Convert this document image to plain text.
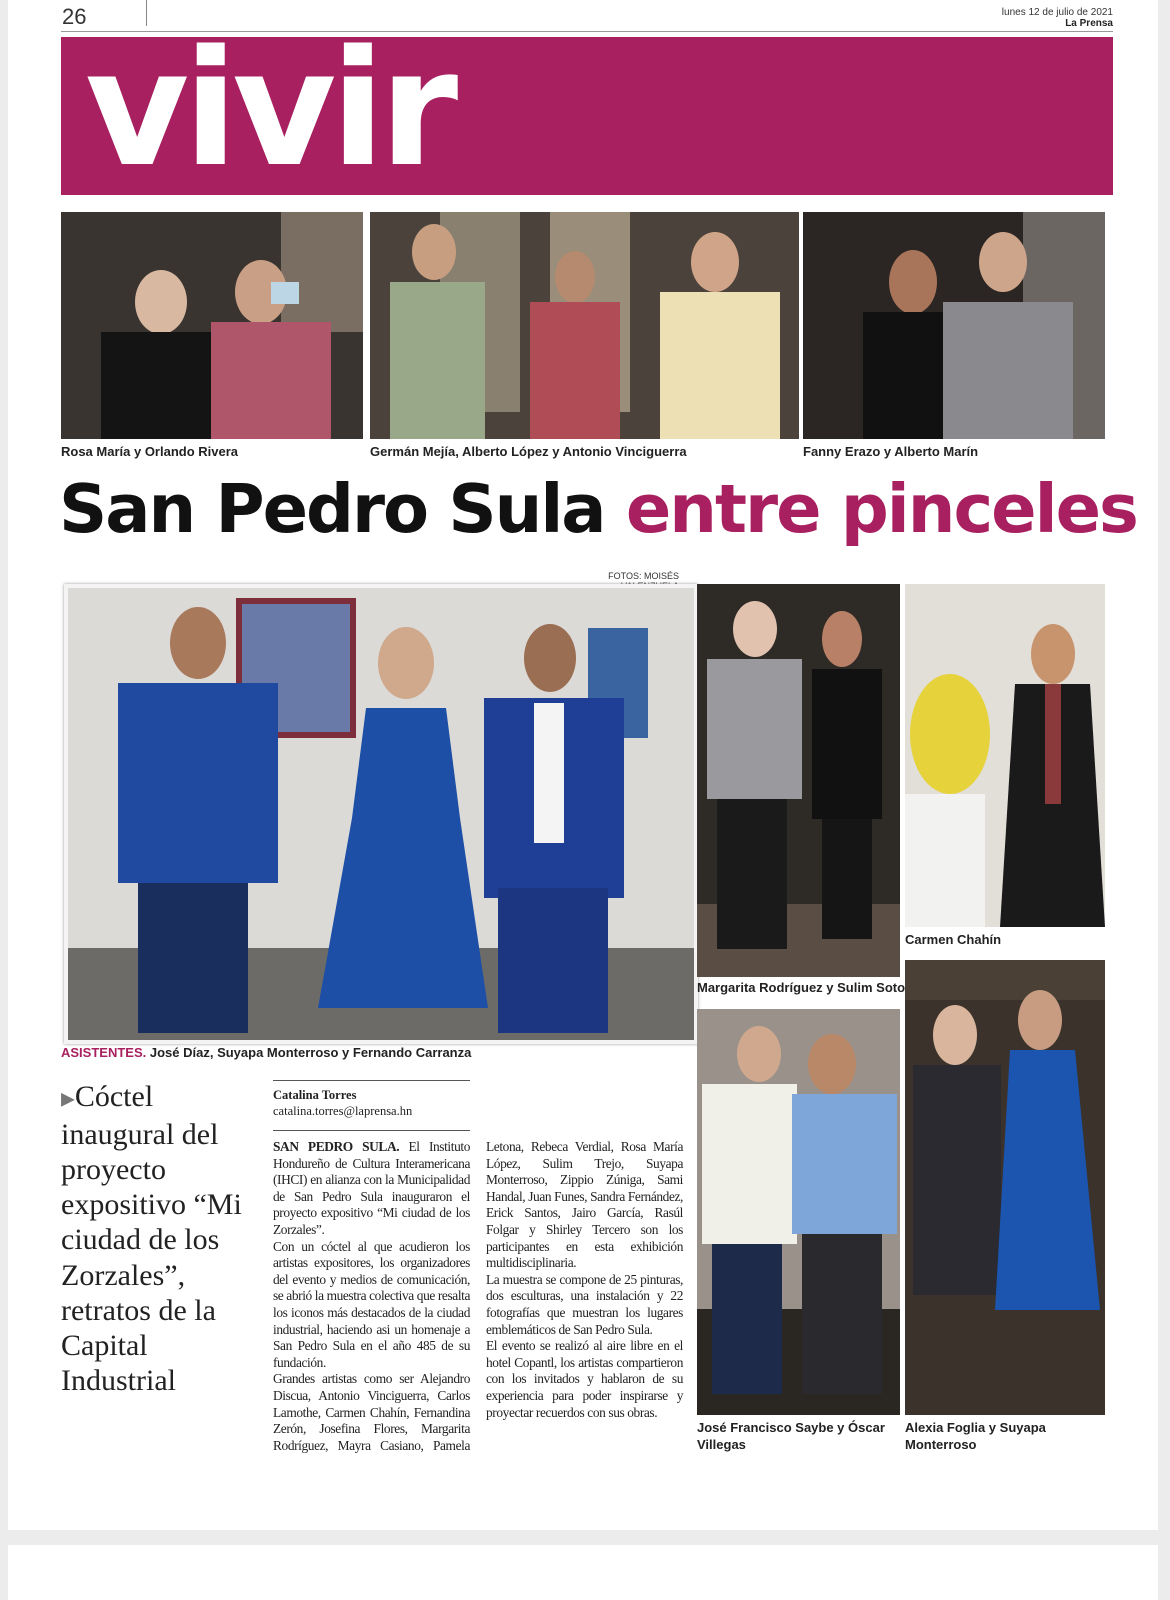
26	lunes 12 de julio de 2021
La Prensa
vivir
Rosa María y Orlando Rivera	Germán Mejía, Alberto López y Antonio Vinciguerra	Fanny Erazo y Alberto Marín
San Pedro Sula entre pinceles
FOTOS: MOISÉS
ASISTENTES. José Díaz, Suyapa Monterroso y Fernando Carranza
Carmen Chahín
Margarita Rodríguez y Sulim Soto
José Francisco Saybe y Óscar Villegas
Alexia Foglia y Suyapa Monterroso
▶Cóctel inaugural del proyecto expositivo “Mi ciudad de los Zorzales”, retratos de la Capital Industrial
Catalina Torres
catalina.torres@laprensa.hn

SAN PEDRO SULA. El Instituto Hondureño de Cultura Interamericana (IHCI) en alianza con la Municipalidad de San Pedro Sula inauguraron el proyecto expositivo “Mi ciudad de los Zorzales”.

Con un cóctel al que acudieron los artistas expositores, los organizadores del evento y medios de comunicación, se abrió la muestra colectiva que resalta los iconos más destacados de la ciudad industrial, haciendo asi un homenaje a San Pedro Sula en el año 485 de su fundación.

Grandes artistas como ser Alejandro Discua, Antonio Vinciguerra, Carlos Lamothe, Carmen Chahín, Fernandina Zerón, Josefina Flores, Margarita Rodríguez, Mayra Casiano, Pamela Letona, Rebeca Verdial, Rosa María López, Sulim Trejo, Suyapa Monterroso, Zippio Zúniga, Sami Handal, Juan Funes, Sandra Fernández, Erick Santos, Jairo García, Rasúl Folgar y Shirley Tercero son los participantes en esta exhibición multidisciplinaria.

La muestra se compone de 25 pinturas, dos esculturas, una instalación y 22 fotografías que muestran los lugares emblemáticos de San Pedro Sula.

El evento se realizó al aire libre en el hotel Copantl, los artistas compartieron con los invitados y hablaron de su experiencia para poder inspirarse y proyectar recuerdos con sus obras.
